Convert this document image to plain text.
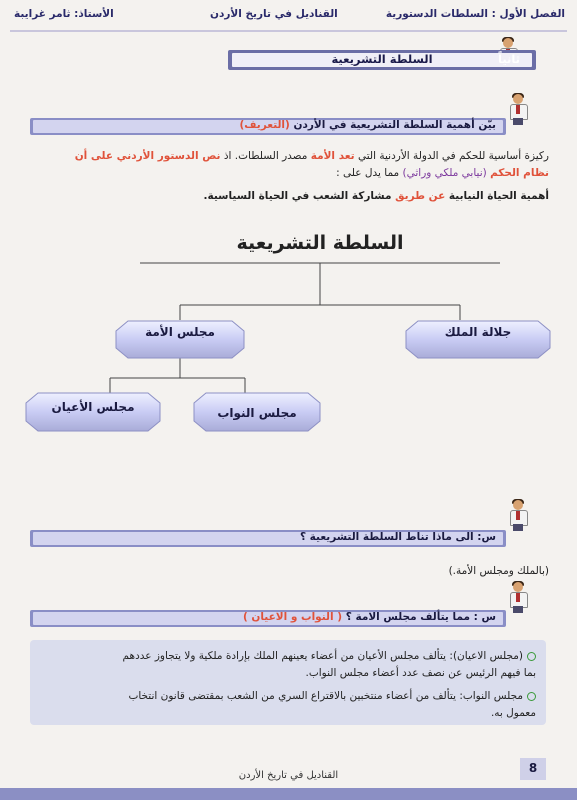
الفصل الأول : السلطات الدستورية
القناديل في تاريخ الأردن
الأستاذ: ثامر غرايبة
السلطة التشريعية	ثانياً
بيّن أهمية السلطة التشريعية في الأردن (التعريف)
ركيزة أساسية للحكم في الدولة الأردنية التي تعد الأمة مصدر السلطات. اذ نص الدستور الأردني على أن
نظام الحكم (نيابي ملكي وراثي) مما يدل على :
أهمية الحياة النيابية عن طريق مشاركة الشعب في الحياة السياسية.
السلطة التشريعية
مجلس الأمة	جلالة الملك
مجلس النواب
مجلس الأعيان
س: الى ماذا تناط السلطة التشريعية ؟
(بالملك ومجلس الأمة.)
س : مما يتألف مجلس الامة ؟ ( النواب و الاعيان )
(مجلس الاعيان): يتألف مجلس الأعيان من أعضاء يعينهم الملك بإرادة ملكية ولا يتجاوز عددهم
بما فيهم الرئيس عن نصف عدد أعضاء مجلس النواب.
مجلس النواب: يتألف من أعضاء منتخبين بالاقتراع السري من الشعب بمقتضى قانون انتخاب
معمول به.
8
القناديل في تاريخ الأردن
